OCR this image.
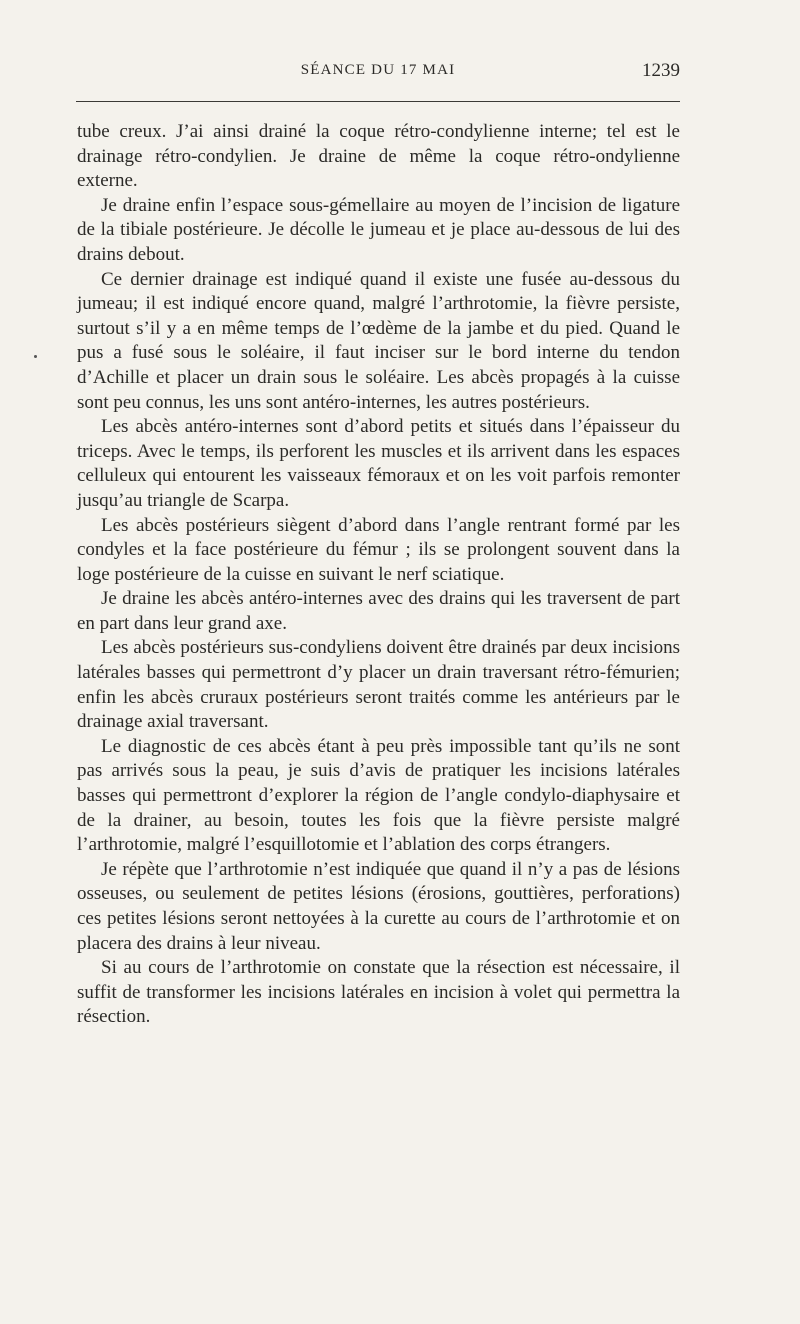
SÉANCE DU 17 MAI	1239

tube creux. J’ai ainsi drainé la coque rétro-condylienne interne; tel est le drainage rétro-condylien. Je draine de même la coque rétro-ondylienne externe.

Je draine enfin l’espace sous-gémellaire au moyen de l’incision de ligature de la tibiale postérieure. Je décolle le jumeau et je place au-dessous de lui des drains debout.

Ce dernier drainage est indiqué quand il existe une fusée au-dessous du jumeau; il est indiqué encore quand, malgré l’arthrotomie, la fièvre persiste, surtout s’il y a en même temps de l’œdème de la jambe et du pied. Quand le pus a fusé sous le soléaire, il faut inciser sur le bord interne du tendon d’Achille et placer un drain sous le soléaire. Les abcès propagés à la cuisse sont peu connus, les uns sont antéro-internes, les autres postérieurs.

Les abcès antéro-internes sont d’abord petits et situés dans l’épaisseur du triceps. Avec le temps, ils perforent les muscles et ils arrivent dans les espaces celluleux qui entourent les vaisseaux fémoraux et on les voit parfois remonter jusqu’au triangle de Scarpa.

Les abcès postérieurs siègent d’abord dans l’angle rentrant formé par les condyles et la face postérieure du fémur ; ils se prolongent souvent dans la loge postérieure de la cuisse en suivant le nerf sciatique.

Je draine les abcès antéro-internes avec des drains qui les traversent de part en part dans leur grand axe.

Les abcès postérieurs sus-condyliens doivent être drainés par deux incisions latérales basses qui permettront d’y placer un drain traversant rétro-fémurien; enfin les abcès cruraux postérieurs seront traités comme les antérieurs par le drainage axial traversant.

Le diagnostic de ces abcès étant à peu près impossible tant qu’ils ne sont pas arrivés sous la peau, je suis d’avis de pratiquer les incisions latérales basses qui permettront d’explorer la région de l’angle condylo-diaphysaire et de la drainer, au besoin, toutes les fois que la fièvre persiste malgré l’arthrotomie, malgré l’esquillotomie et l’ablation des corps étrangers.

Je répète que l’arthrotomie n’est indiquée que quand il n’y a pas de lésions osseuses, ou seulement de petites lésions (érosions, gouttières, perforations) ces petites lésions seront nettoyées à la curette au cours de l’arthrotomie et on placera des drains à leur niveau.

Si au cours de l’arthrotomie on constate que la résection est nécessaire, il suffit de transformer les incisions latérales en incision à volet qui permettra la résection.
